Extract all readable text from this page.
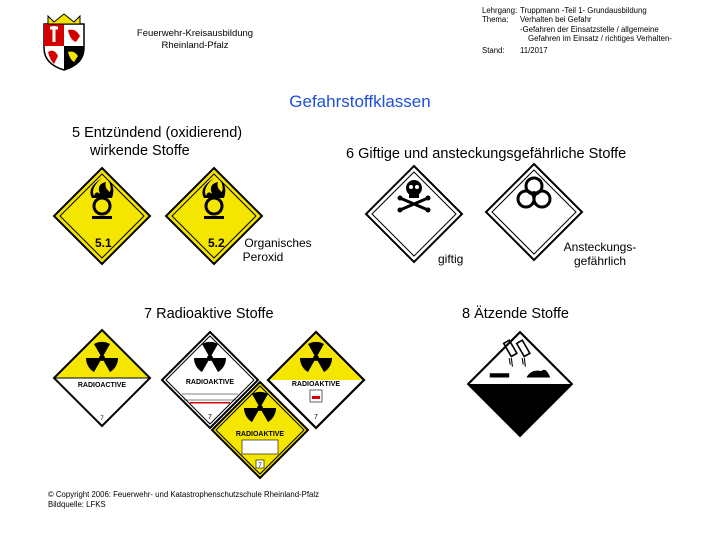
Feuerwehr-Kreisausbildung
Rheinland-Pfalz
Lehrgang: Truppmann -Teil 1- Grundausbildung
Thema:	Verhalten bei Gefahr
-Gefahren der Einsatzstelle / allgemeine
Gefahren im Einsatz / richtiges Verhalten-
Stand:	11/2017
Gefahrstoffklassen
5 Entzündend (oxidierend)
wirkende Stoffe
5.1	5.2	Organisches
Peroxid
6 Giftige und ansteckungsgefährliche Stoffe
giftig
Ansteckungs-
gefährlich
7 Radioaktive Stoffe
RADIOACTIVE
7
RADIOAKTIVE
7
RADIOAKTIVE
7
RADIOAKTIVE
7
8 Ätzende Stoffe
© Copyright 2006: Feuerwehr- und Katastrophenschutzschule Rheinland-Pfalz
Bildquelle: LFKS
